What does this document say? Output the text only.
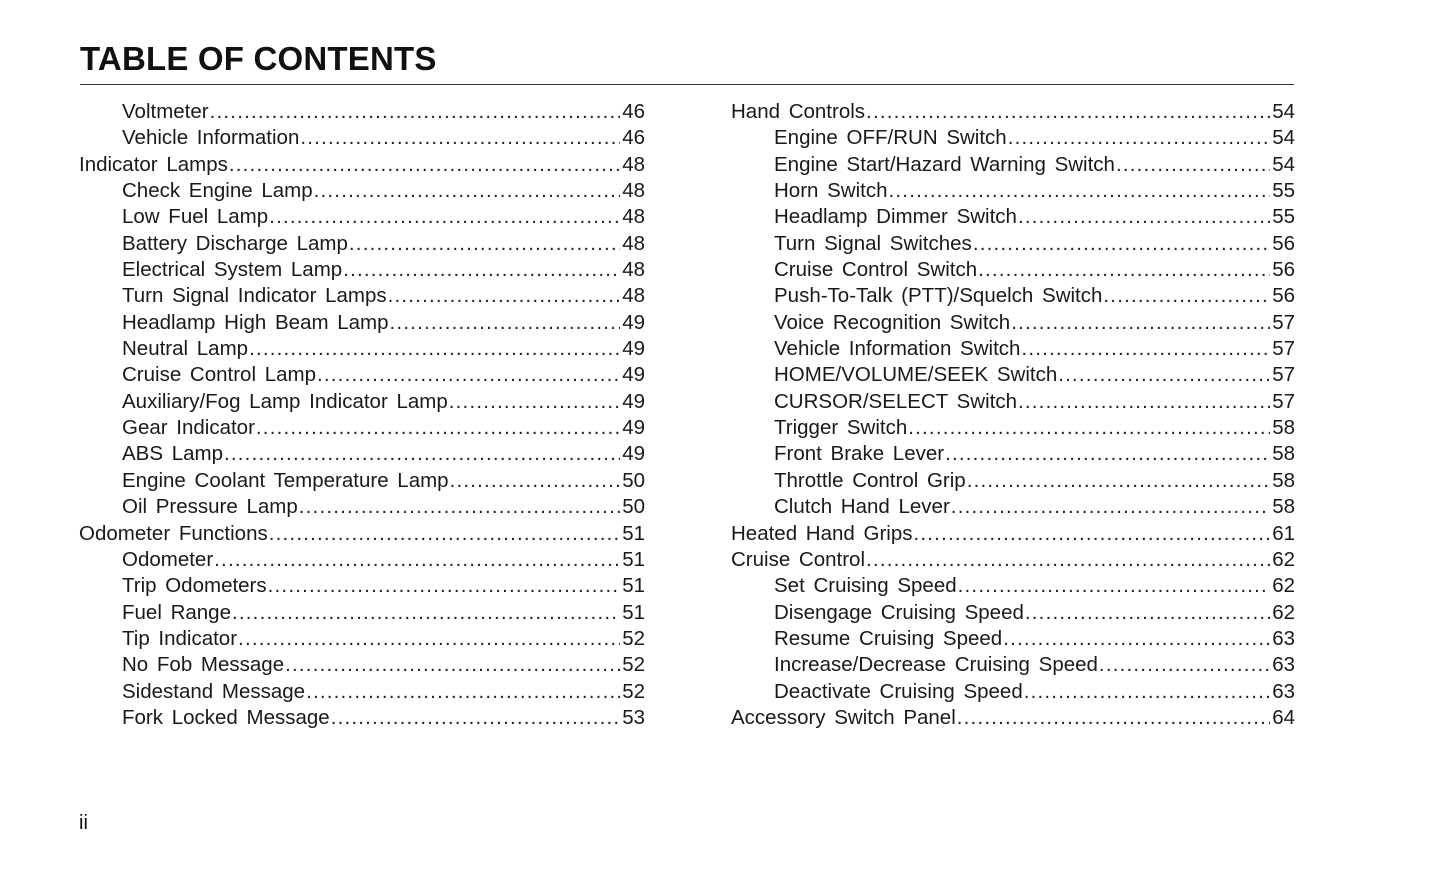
TABLE OF CONTENTS
Voltmeter .....	46
Vehicle Information .....	46
Indicator Lamps .....	48
Check Engine Lamp .....	48
Low Fuel Lamp .....	48
Battery Discharge Lamp .....	48
Electrical System Lamp .....	48
Turn Signal Indicator Lamps .....	48
Headlamp High Beam Lamp .....	49
Neutral Lamp .....	49
Cruise Control Lamp .....	49
Auxiliary/Fog Lamp Indicator Lamp .....	49
Gear Indicator .....	49
ABS Lamp .....	49
Engine Coolant Temperature Lamp .....	50
Oil Pressure Lamp .....	50
Odometer Functions .....	51
Odometer .....	51
Trip Odometers .....	51
Fuel Range .....	51
Tip Indicator .....	52
No Fob Message .....	52
Sidestand Message .....	52
Fork Locked Message .....	53
Hand Controls .....	54
Engine OFF/RUN Switch .....	54
Engine Start/Hazard Warning Switch .....	54
Horn Switch .....	55
Headlamp Dimmer Switch .....	55
Turn Signal Switches .....	56
Cruise Control Switch .....	56
Push-To-Talk (PTT)/Squelch Switch .....	56
Voice Recognition Switch .....	57
Vehicle Information Switch .....	57
HOME/VOLUME/SEEK Switch .....	57
CURSOR/SELECT Switch .....	57
Trigger Switch .....	58
Front Brake Lever .....	58
Throttle Control Grip .....	58
Clutch Hand Lever .....	58
Heated Hand Grips .....	61
Cruise Control .....	62
Set Cruising Speed .....	62
Disengage Cruising Speed .....	62
Resume Cruising Speed .....	63
Increase/Decrease Cruising Speed .....	63
Deactivate Cruising Speed .....	63
Accessory Switch Panel .....	64
ii
